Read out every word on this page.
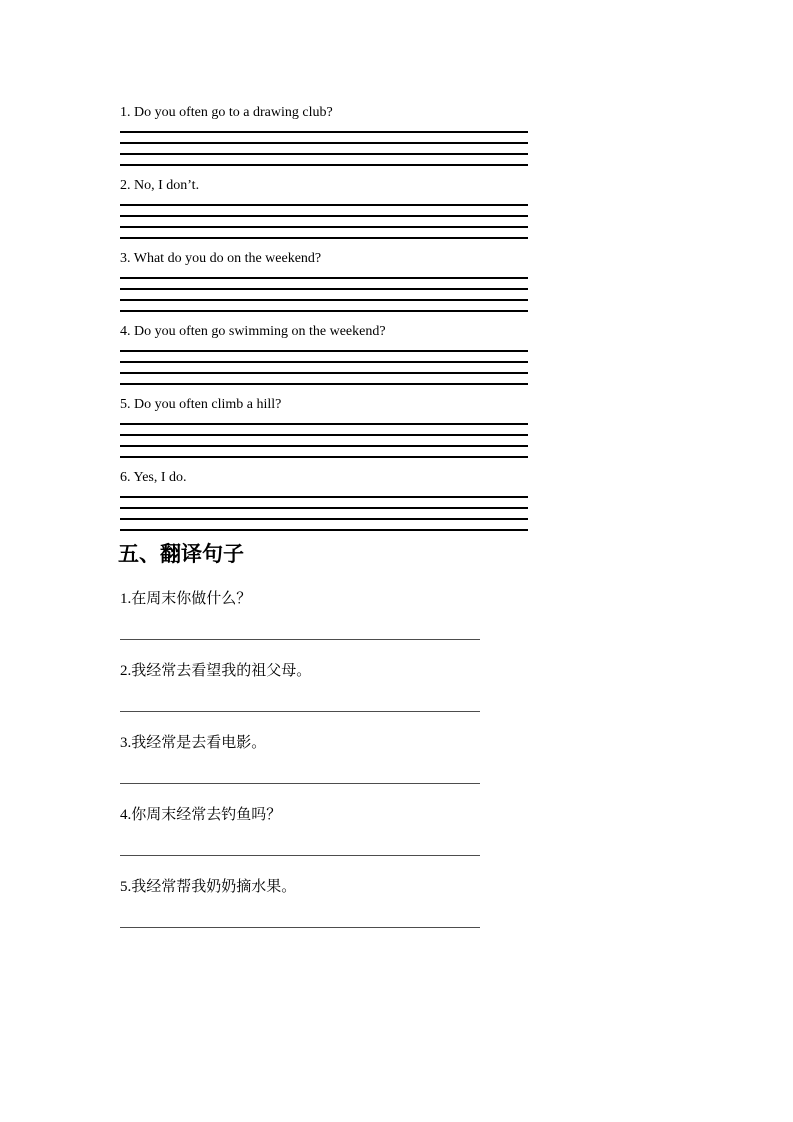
1. Do you often go to a drawing club?

2. No, I don’t.

3. What do you do on the weekend?

4. Do you often go swimming on the weekend?

5. Do you often climb a hill?

6. Yes, I do.

五、翻译句子

1.在周末你做什么？

2.我经常去看望我的祖父母。

3.我经常是去看电影。

4.你周末经常去钓鱼吗？

5.我经常帮我奶奶摘水果。
